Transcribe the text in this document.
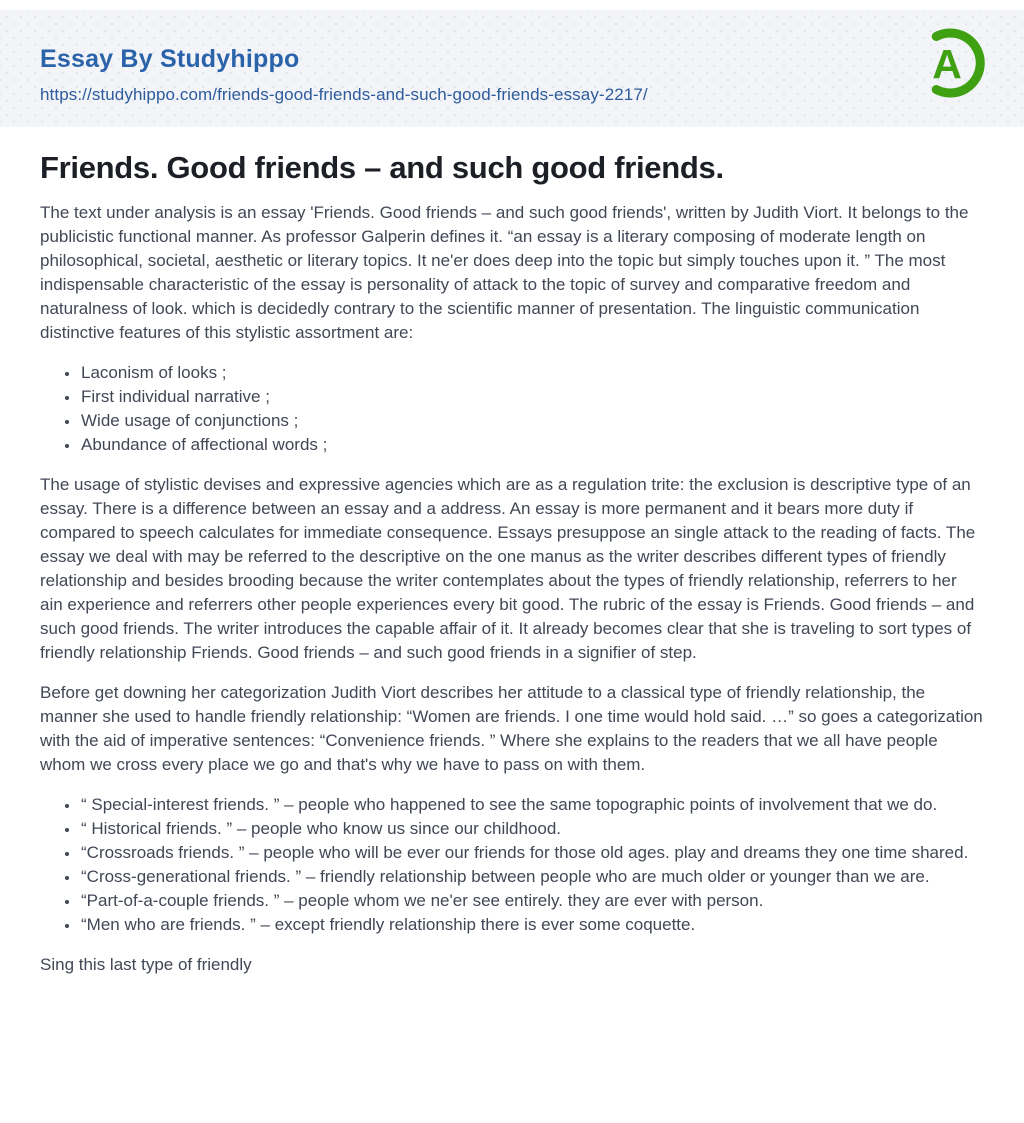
Essay By Studyhippo
https://studyhippo.com/friends-good-friends-and-such-good-friends-essay-2217/
A
Friends. Good friends – and such good friends.

The text under analysis is an essay 'Friends. Good friends – and such good friends', written by Judith Viort. It belongs to the publicistic functional manner. As professor Galperin defines it. “an essay is a literary composing of moderate length on philosophical, societal, aesthetic or literary topics. It ne'er does deep into the topic but simply touches upon it. ” The most indispensable characteristic of the essay is personality of attack to the topic of survey and comparative freedom and naturalness of look. which is decidedly contrary to the scientific manner of presentation. The linguistic communication distinctive features of this stylistic assortment are:

• Laconism of looks ;
• First individual narrative ;
• Wide usage of conjunctions ;
• Abundance of affectional words ;

The usage of stylistic devises and expressive agencies which are as a regulation trite: the exclusion is descriptive type of an essay. There is a difference between an essay and a address. An essay is more permanent and it bears more duty if compared to speech calculates for immediate consequence. Essays presuppose an single attack to the reading of facts. The essay we deal with may be referred to the descriptive on the one manus as the writer describes different types of friendly relationship and besides brooding because the writer contemplates about the types of friendly relationship, referrers to her ain experience and referrers other people experiences every bit good. The rubric of the essay is Friends. Good friends – and such good friends. The writer introduces the capable affair of it. It already becomes clear that she is traveling to sort types of friendly relationship Friends. Good friends – and such good friends in a signifier of step.

Before get downing her categorization Judith Viort describes her attitude to a classical type of friendly relationship, the manner she used to handle friendly relationship: “Women are friends. I one time would hold said. …” so goes a categorization with the aid of imperative sentences: “Convenience friends. ” Where she explains to the readers that we all have people whom we cross every place we go and that's why we have to pass on with them.

• “ Special-interest friends. ” – people who happened to see the same topographic points of involvement that we do.
• “ Historical friends. ” – people who know us since our childhood.
• “Crossroads friends. ” – people who will be ever our friends for those old ages. play and dreams they one time shared.
• “Cross-generational friends. ” – friendly relationship between people who are much older or younger than we are.
• “Part-of-a-couple friends. ” – people whom we ne'er see entirely. they are ever with person.
• “Men who are friends. ” – except friendly relationship there is ever some coquette.

Sing this last type of friendly
